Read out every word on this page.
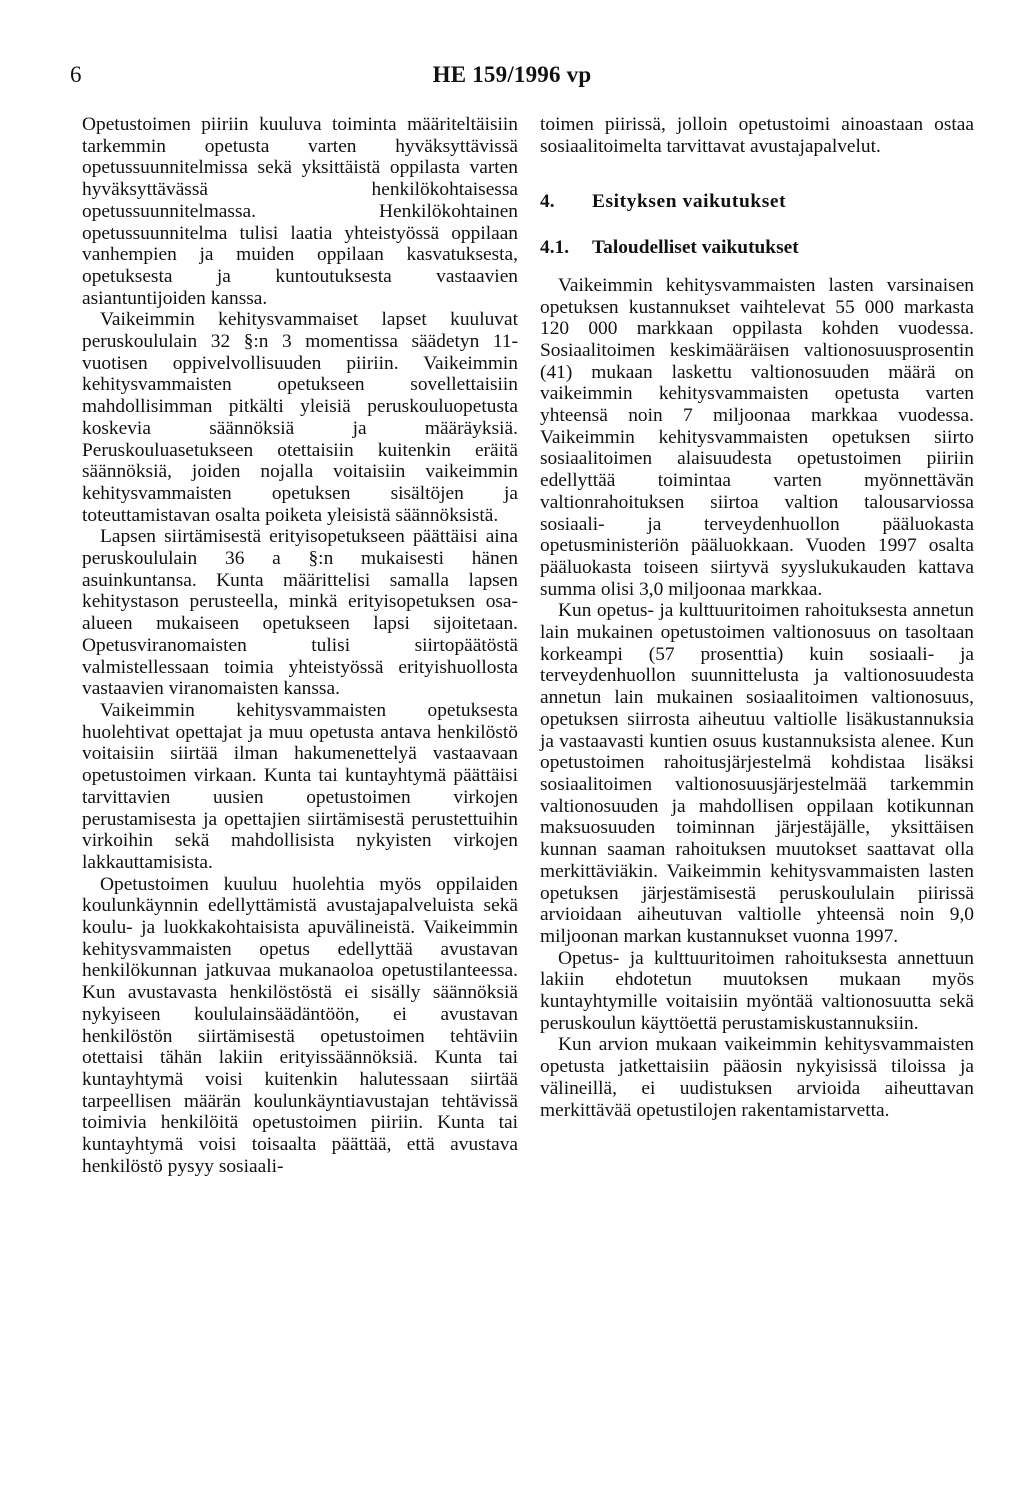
6	HE 159/1996 vp

Opetustoimen piiriin kuuluva toiminta määriteltäisiin tarkemmin opetusta varten hyväksyttävissä opetussuunnitelmissa sekä yksittäistä oppilasta varten hyväksyttävässä henkilökohtaisessa opetussuunnitelmassa. Henkilökohtainen opetussuunnitelma tulisi laatia yhteistyössä oppilaan vanhempien ja muiden oppilaan kasvatuksesta, opetuksesta ja kuntoutuksesta vastaavien asiantuntijoiden kanssa.

Vaikeimmin kehitysvammaiset lapset kuuluvat peruskoululain 32 §:n 3 momentissa säädetyn 11-vuotisen oppivelvollisuuden piiriin. Vaikeimmin kehitysvammaisten opetukseen sovellettaisiin mahdollisimman pitkälti yleisiä peruskouluopetusta koskevia säännöksiä ja määräyksiä. Peruskouluasetukseen otettaisiin kuitenkin eräitä säännöksiä, joiden nojalla voitaisiin vaikeimmin kehitysvammaisten opetuksen sisältöjen ja toteuttamistavan osalta poiketa yleisistä säännöksistä.

Lapsen siirtämisestä erityisopetukseen päättäisi aina peruskoululain 36 a §:n mukaisesti hänen asuinkuntansa. Kunta määrittelisi samalla lapsen kehitystason perusteella, minkä erityisopetuksen osa-alueen mukaiseen opetukseen lapsi sijoitetaan. Opetusviranomaisten tulisi siirtopäätöstä valmistellessaan toimia yhteistyössä erityishuollosta vastaavien viranomaisten kanssa.

Vaikeimmin kehitysvammaisten opetuksesta huolehtivat opettajat ja muu opetusta antava henkilöstö voitaisiin siirtää ilman hakumenettelyä vastaavaan opetustoimen virkaan. Kunta tai kuntayhtymä päättäisi tarvittavien uusien opetustoimen virkojen perustamisesta ja opettajien siirtämisestä perustettuihin virkoihin sekä mahdollisista nykyisten virkojen lakkauttamisista.

Opetustoimen kuuluu huolehtia myös oppilaiden koulunkäynnin edellyttämistä avustajapalveluista sekä koulu- ja luokkakohtaisista apuvälineistä. Vaikeimmin kehitysvammaisten opetus edellyttää avustavan henkilökunnan jatkuvaa mukanaoloa opetustilanteessa. Kun avustavasta henkilöstöstä ei sisälly säännöksiä nykyiseen koululainsäädäntöön, ei avustavan henkilöstön siirtämisestä opetustoimen tehtäviin otettaisi tähän lakiin erityissäännöksiä. Kunta tai kuntayhtymä voisi kuitenkin halutessaan siirtää tarpeellisen määrän koulunkäyntiavustajan tehtävissä toimivia henkilöitä opetustoimen piiriin. Kunta tai kuntayhtymä voisi toisaalta päättää, että avustava henkilöstö pysyy sosiaali-

toimen piirissä, jolloin opetustoimi ainoastaan ostaa sosiaalitoimelta tarvittavat avustajapalvelut.

4.	Esityksen vaikutukset
4.1.	Taloudelliset vaikutukset

Vaikeimmin kehitysvammaisten lasten varsinaisen opetuksen kustannukset vaihtelevat 55 000 markasta 120 000 markkaan oppilasta kohden vuodessa. Sosiaalitoimen keskimääräisen valtionosuusprosentin (41) mukaan laskettu valtionosuuden määrä on vaikeimmin kehitysvammaisten opetusta varten yhteensä noin 7 miljoonaa markkaa vuodessa. Vaikeimmin kehitysvammaisten opetuksen siirto sosiaalitoimen alaisuudesta opetustoimen piiriin edellyttää toimintaa varten myönnettävän valtionrahoituksen siirtoa valtion talousarviossa sosiaali- ja terveydenhuollon pääluokasta opetusministeriön pääluokkaan. Vuoden 1997 osalta pääluokasta toiseen siirtyvä syyslukukauden kattava summa olisi 3,0 miljoonaa markkaa.

Kun opetus- ja kulttuuritoimen rahoituksesta annetun lain mukainen opetustoimen valtionosuus on tasoltaan korkeampi (57 prosenttia) kuin sosiaali- ja terveydenhuollon suunnittelusta ja valtionosuudesta annetun lain mukainen sosiaalitoimen valtionosuus, opetuksen siirrosta aiheutuu valtiolle lisäkustannuksia ja vastaavasti kuntien osuus kustannuksista alenee. Kun opetustoimen rahoitusjärjestelmä kohdistaa lisäksi sosiaalitoimen valtionosuusjärjestelmää tarkemmin valtionosuuden ja mahdollisen oppilaan kotikunnan maksuosuuden toiminnan järjestäjälle, yksittäisen kunnan saaman rahoituksen muutokset saattavat olla merkittäviäkin. Vaikeimmin kehitysvammaisten lasten opetuksen järjestämisestä peruskoululain piirissä arvioidaan aiheutuvan valtiolle yhteensä noin 9,0 miljoonan markan kustannukset vuonna 1997.

Opetus- ja kulttuuritoimen rahoituksesta annettuun lakiin ehdotetun muutoksen mukaan myös kuntayhtymille voitaisiin myöntää valtionosuutta sekä peruskoulun käyttöettä perustamiskustannuksiin.

Kun arvion mukaan vaikeimmin kehitysvammaisten opetusta jatkettaisiin pääosin nykyisissä tiloissa ja välineillä, ei uudistuksen arvioida aiheuttavan merkittävää opetustilojen rakentamistarvetta.
